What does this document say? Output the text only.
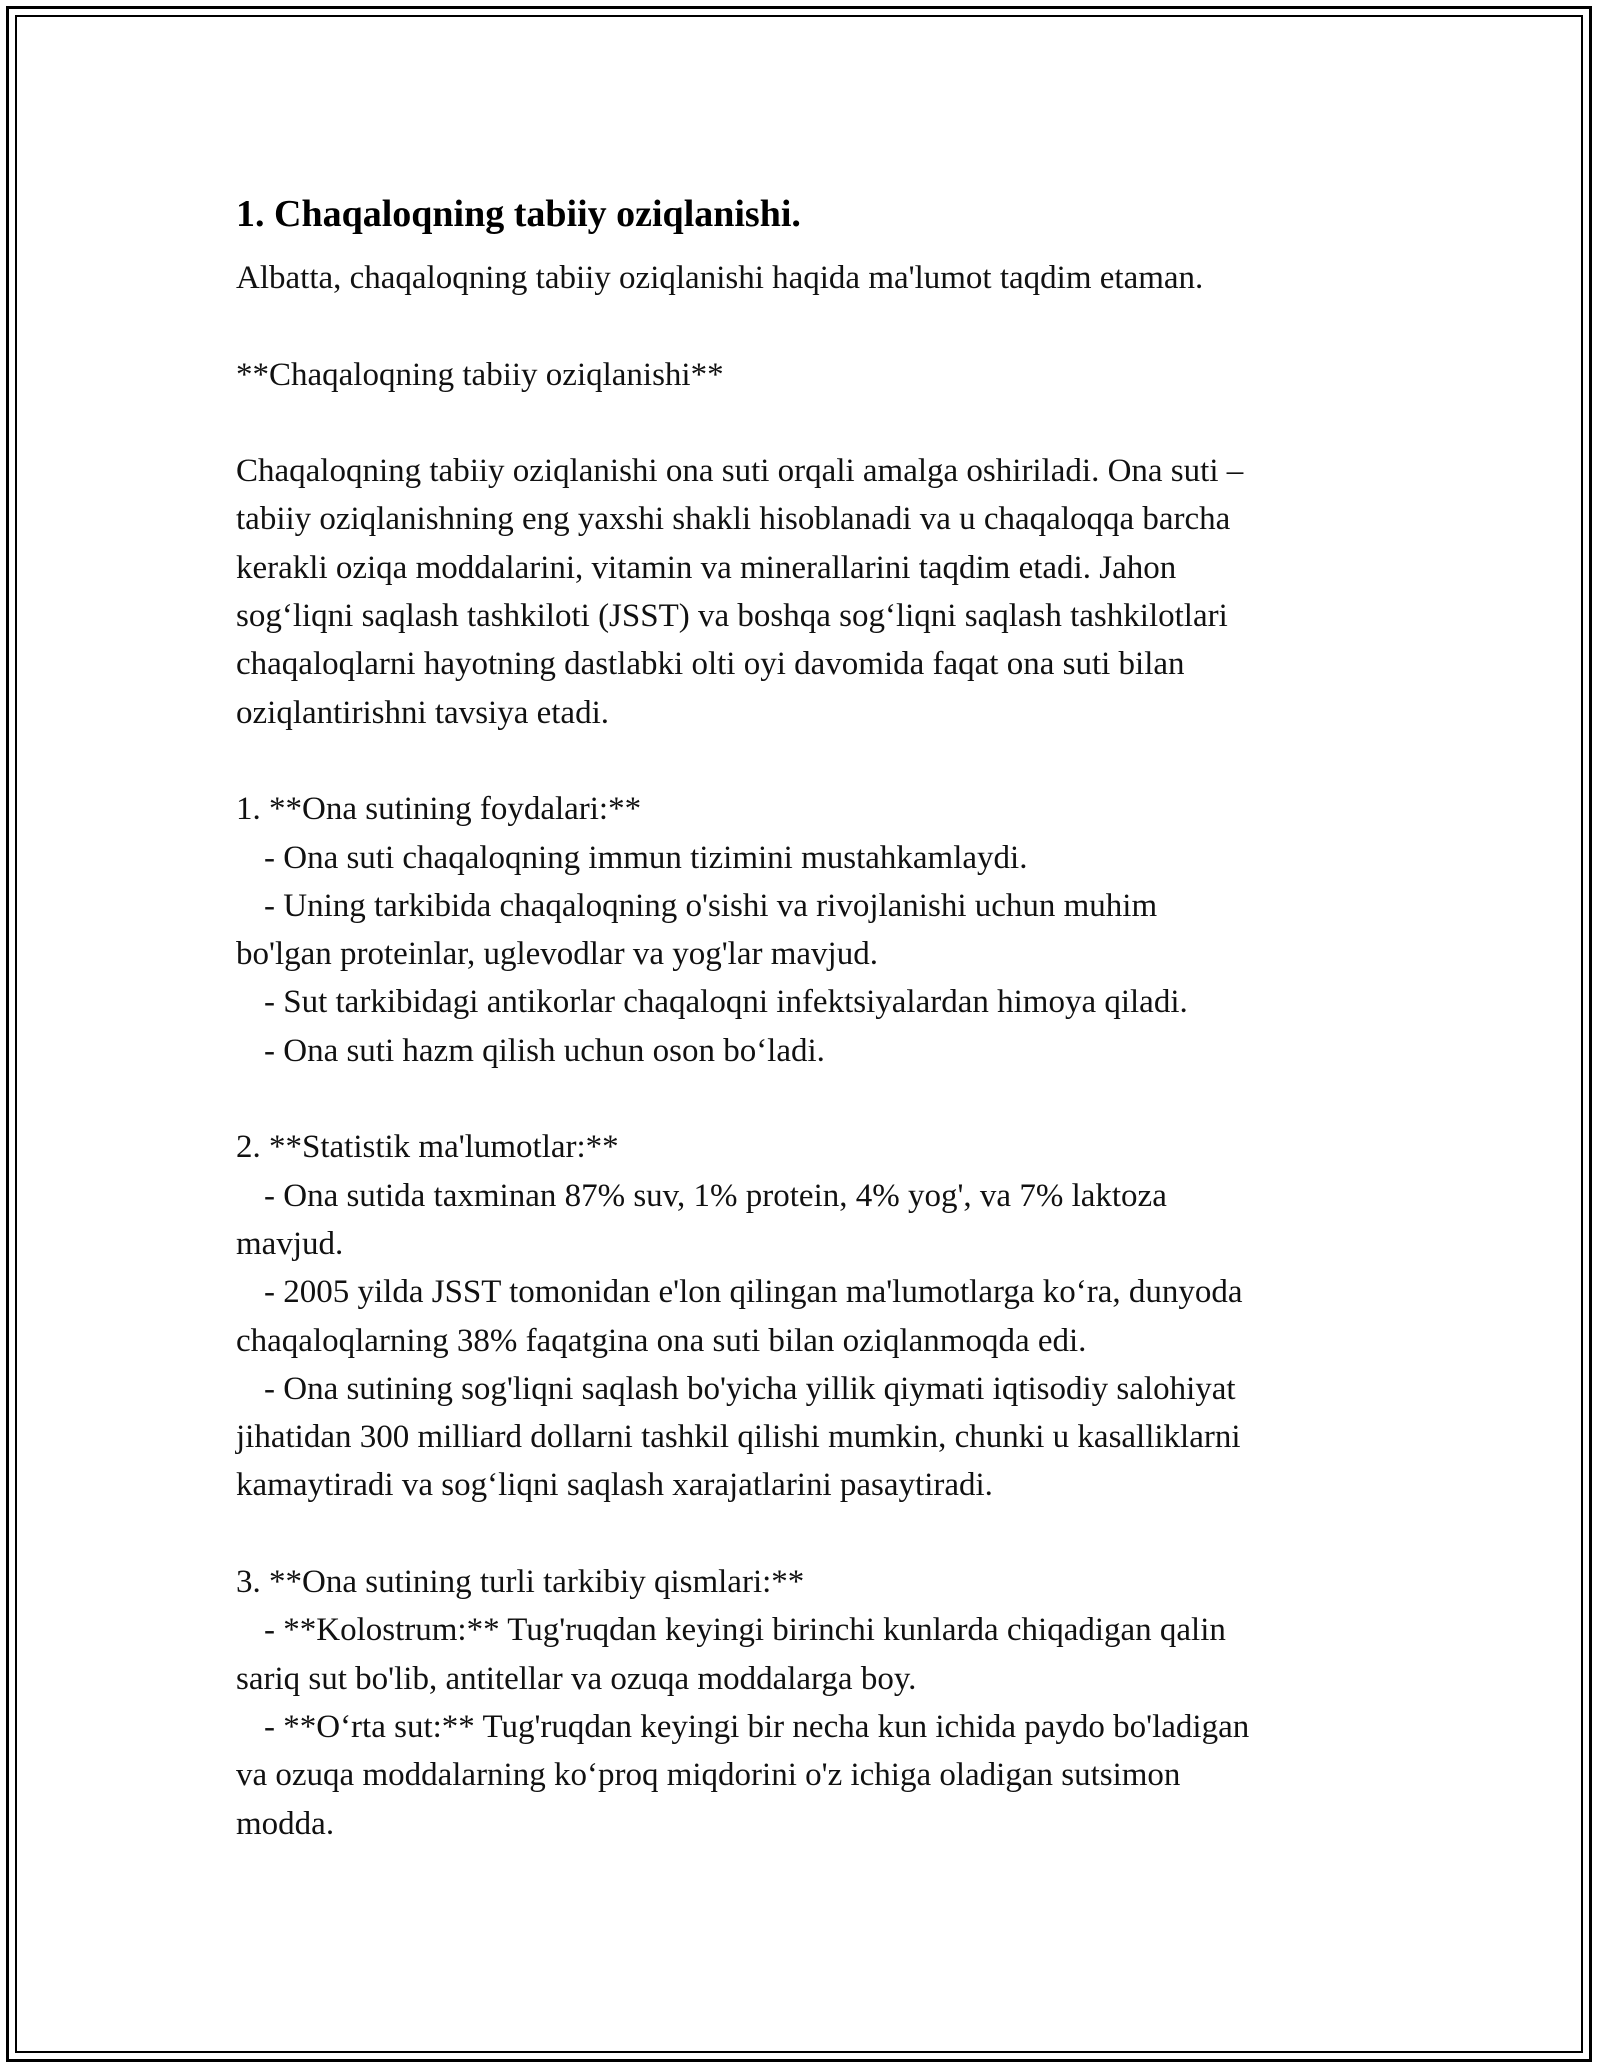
1. Chaqaloqning tabiiy oziqlanishi.

Albatta, chaqaloqning tabiiy oziqlanishi haqida ma'lumot taqdim etaman.

**Chaqaloqning tabiiy oziqlanishi**

Chaqaloqning tabiiy oziqlanishi ona suti orqali amalga oshiriladi. Ona suti –
tabiiy oziqlanishning eng yaxshi shakli hisoblanadi va u chaqaloqqa barcha
kerakli oziqa moddalarini, vitamin va minerallarini taqdim etadi. Jahon
sog‘liqni saqlash tashkiloti (JSST) va boshqa sog‘liqni saqlash tashkilotlari
chaqaloqlarni hayotning dastlabki olti oyi davomida faqat ona suti bilan
oziqlantirishni tavsiya etadi.
1. **Ona sutining foydalari:**
- Ona suti chaqaloqning immun tizimini mustahkamlaydi.
- Uning tarkibida chaqaloqning o'sishi va rivojlanishi uchun muhim
bo'lgan proteinlar, uglevodlar va yog'lar mavjud.
- Sut tarkibidagi antikorlar chaqaloqni infektsiyalardan himoya qiladi.
- Ona suti hazm qilish uchun oson bo‘ladi.
2. **Statistik ma'lumotlar:**
- Ona sutida taxminan 87% suv, 1% protein, 4% yog', va 7% laktoza
mavjud.
- 2005 yilda JSST tomonidan e'lon qilingan ma'lumotlarga ko‘ra, dunyoda
chaqaloqlarning 38% faqatgina ona suti bilan oziqlanmoqda edi.
- Ona sutining sog'liqni saqlash bo'yicha yillik qiymati iqtisodiy salohiyat
jihatidan 300 milliard dollarni tashkil qilishi mumkin, chunki u kasalliklarni
kamaytiradi va sog‘liqni saqlash xarajatlarini pasaytiradi.
3. **Ona sutining turli tarkibiy qismlari:**
- **Kolostrum:** Tug'ruqdan keyingi birinchi kunlarda chiqadigan qalin
sariq sut bo'lib, antitellar va ozuqa moddalarga boy.
- **O‘rta sut:** Tug'ruqdan keyingi bir necha kun ichida paydo bo'ladigan
va ozuqa moddalarning ko‘proq miqdorini o'z ichiga oladigan sutsimon
modda.
